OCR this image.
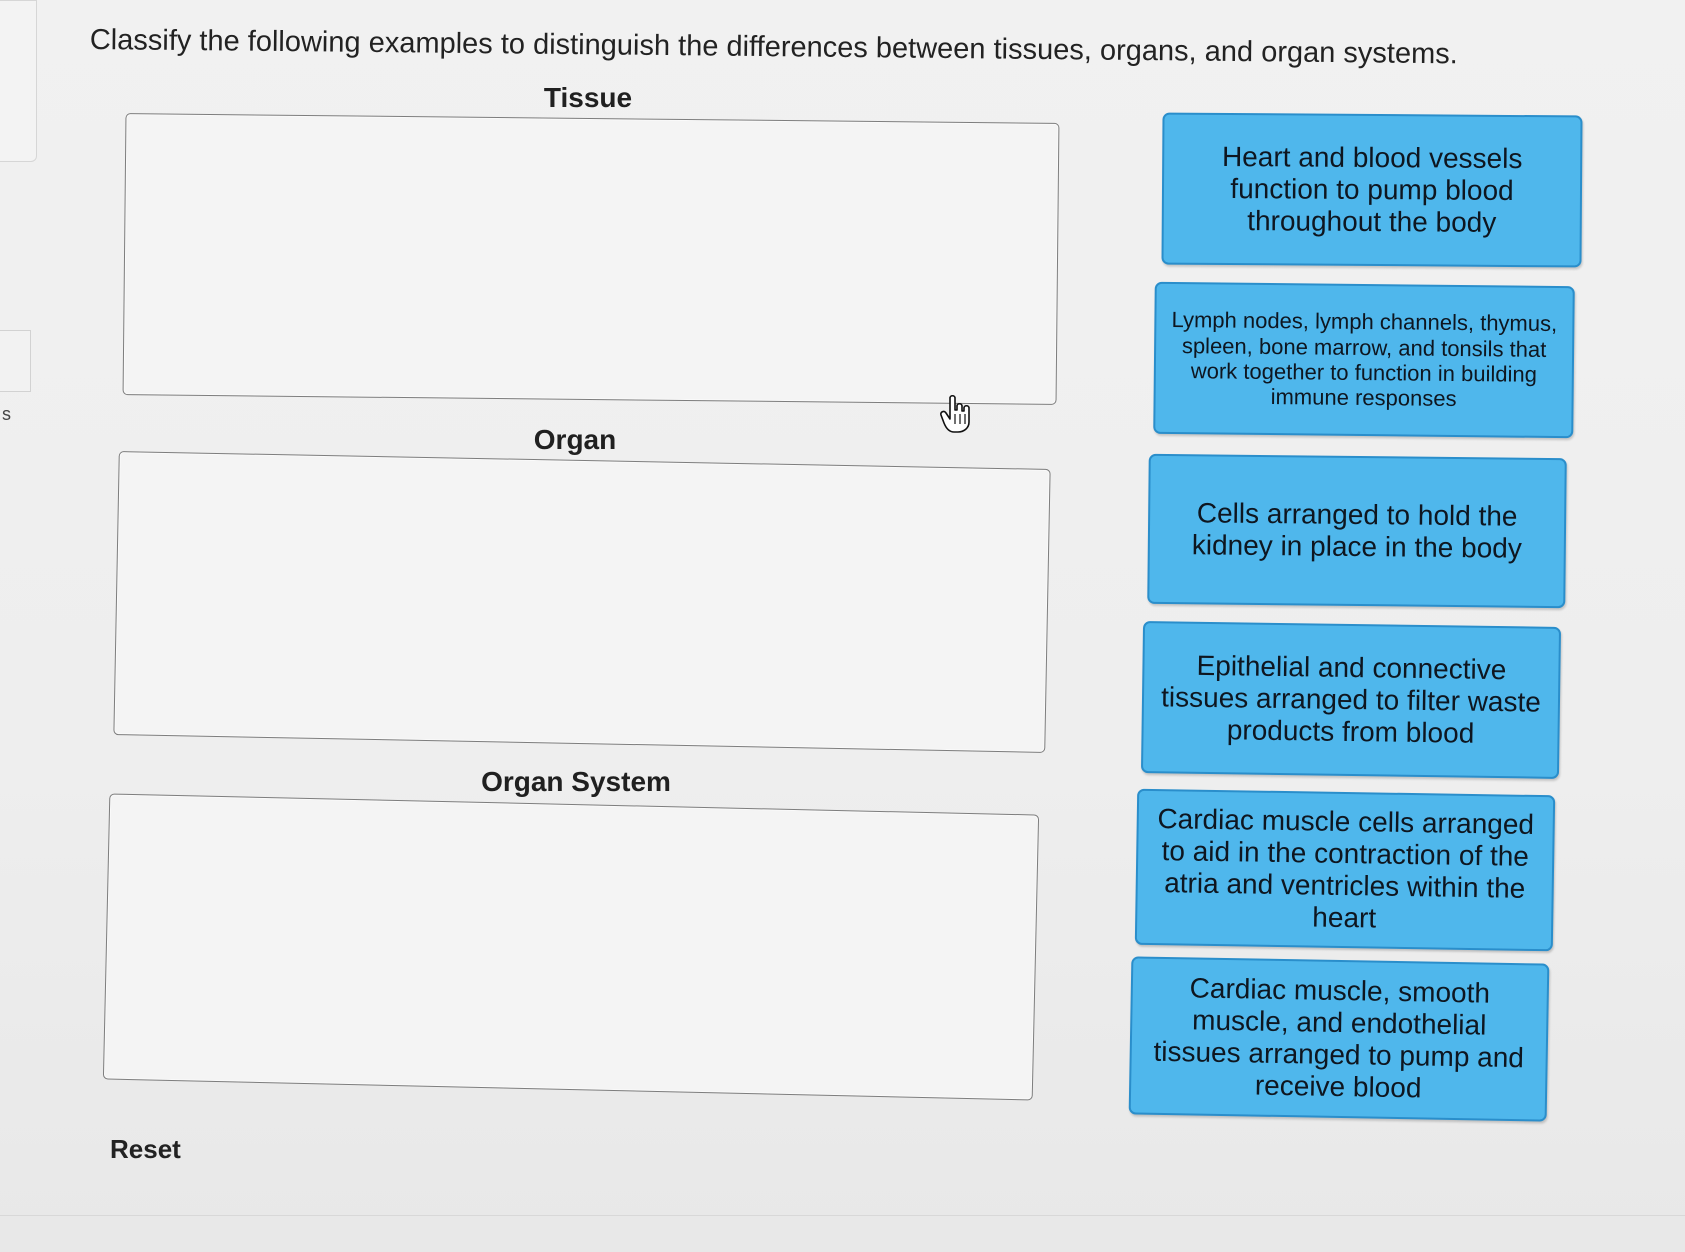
s
Classify the following examples to distinguish the differences between tissues, organs, and organ systems.
Tissue
Organ
Organ System
Heart and blood vessels function to pump blood throughout the body
Lymph nodes, lymph channels, thymus, spleen, bone marrow, and tonsils that work together to function in building immune responses
Cells arranged to hold the kidney in place in the body
Epithelial and connective tissues arranged to filter waste products from blood
Cardiac muscle cells arranged to aid in the contraction of the atria and ventricles within the heart
Cardiac muscle, smooth muscle, and endothelial tissues arranged to pump and receive blood
Reset
